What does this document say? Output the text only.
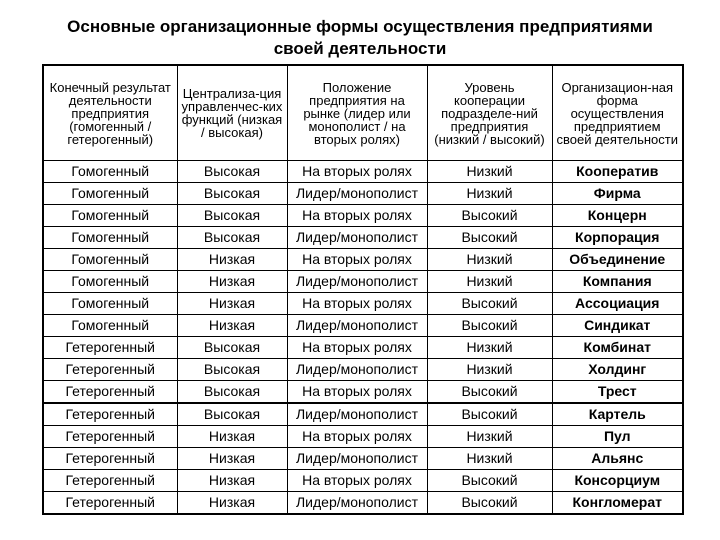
Основные организационные формы осуществления предприятиями
своей деятельности
Конечный результат деятельности предприятия (гомогенный / гетерогенный)	Централиза-ция управленчес-ких функций (низкая / высокая)	Положение предприятия на рынке (лидер или монополист / на вторых ролях)	Уровень кооперации подразделе-ний предприятия (низкий / высокий)	Организацион-ная форма осуществления предприятием своей деятельности
Гомогенный	Высокая	На вторых ролях	Низкий	Кооператив
Гомогенный	Высокая	Лидер/монополист	Низкий	Фирма
Гомогенный	Высокая	На вторых ролях	Высокий	Концерн
Гомогенный	Высокая	Лидер/монополист	Высокий	Корпорация
Гомогенный	Низкая	На вторых ролях	Низкий	Объединение
Гомогенный	Низкая	Лидер/монополист	Низкий	Компания
Гомогенный	Низкая	На вторых ролях	Высокий	Ассоциация
Гомогенный	Низкая	Лидер/монополист	Высокий	Синдикат
Гетерогенный	Высокая	На вторых ролях	Низкий	Комбинат
Гетерогенный	Высокая	Лидер/монополист	Низкий	Холдинг
Гетерогенный	Высокая	На вторых ролях	Высокий	Трест
Гетерогенный	Высокая	Лидер/монополист	Высокий	Картель
Гетерогенный	Низкая	На вторых ролях	Низкий	Пул
Гетерогенный	Низкая	Лидер/монополист	Низкий	Альянс
Гетерогенный	Низкая	На вторых ролях	Высокий	Консорциум
Гетерогенный	Низкая	Лидер/монополист	Высокий	Конгломерат
